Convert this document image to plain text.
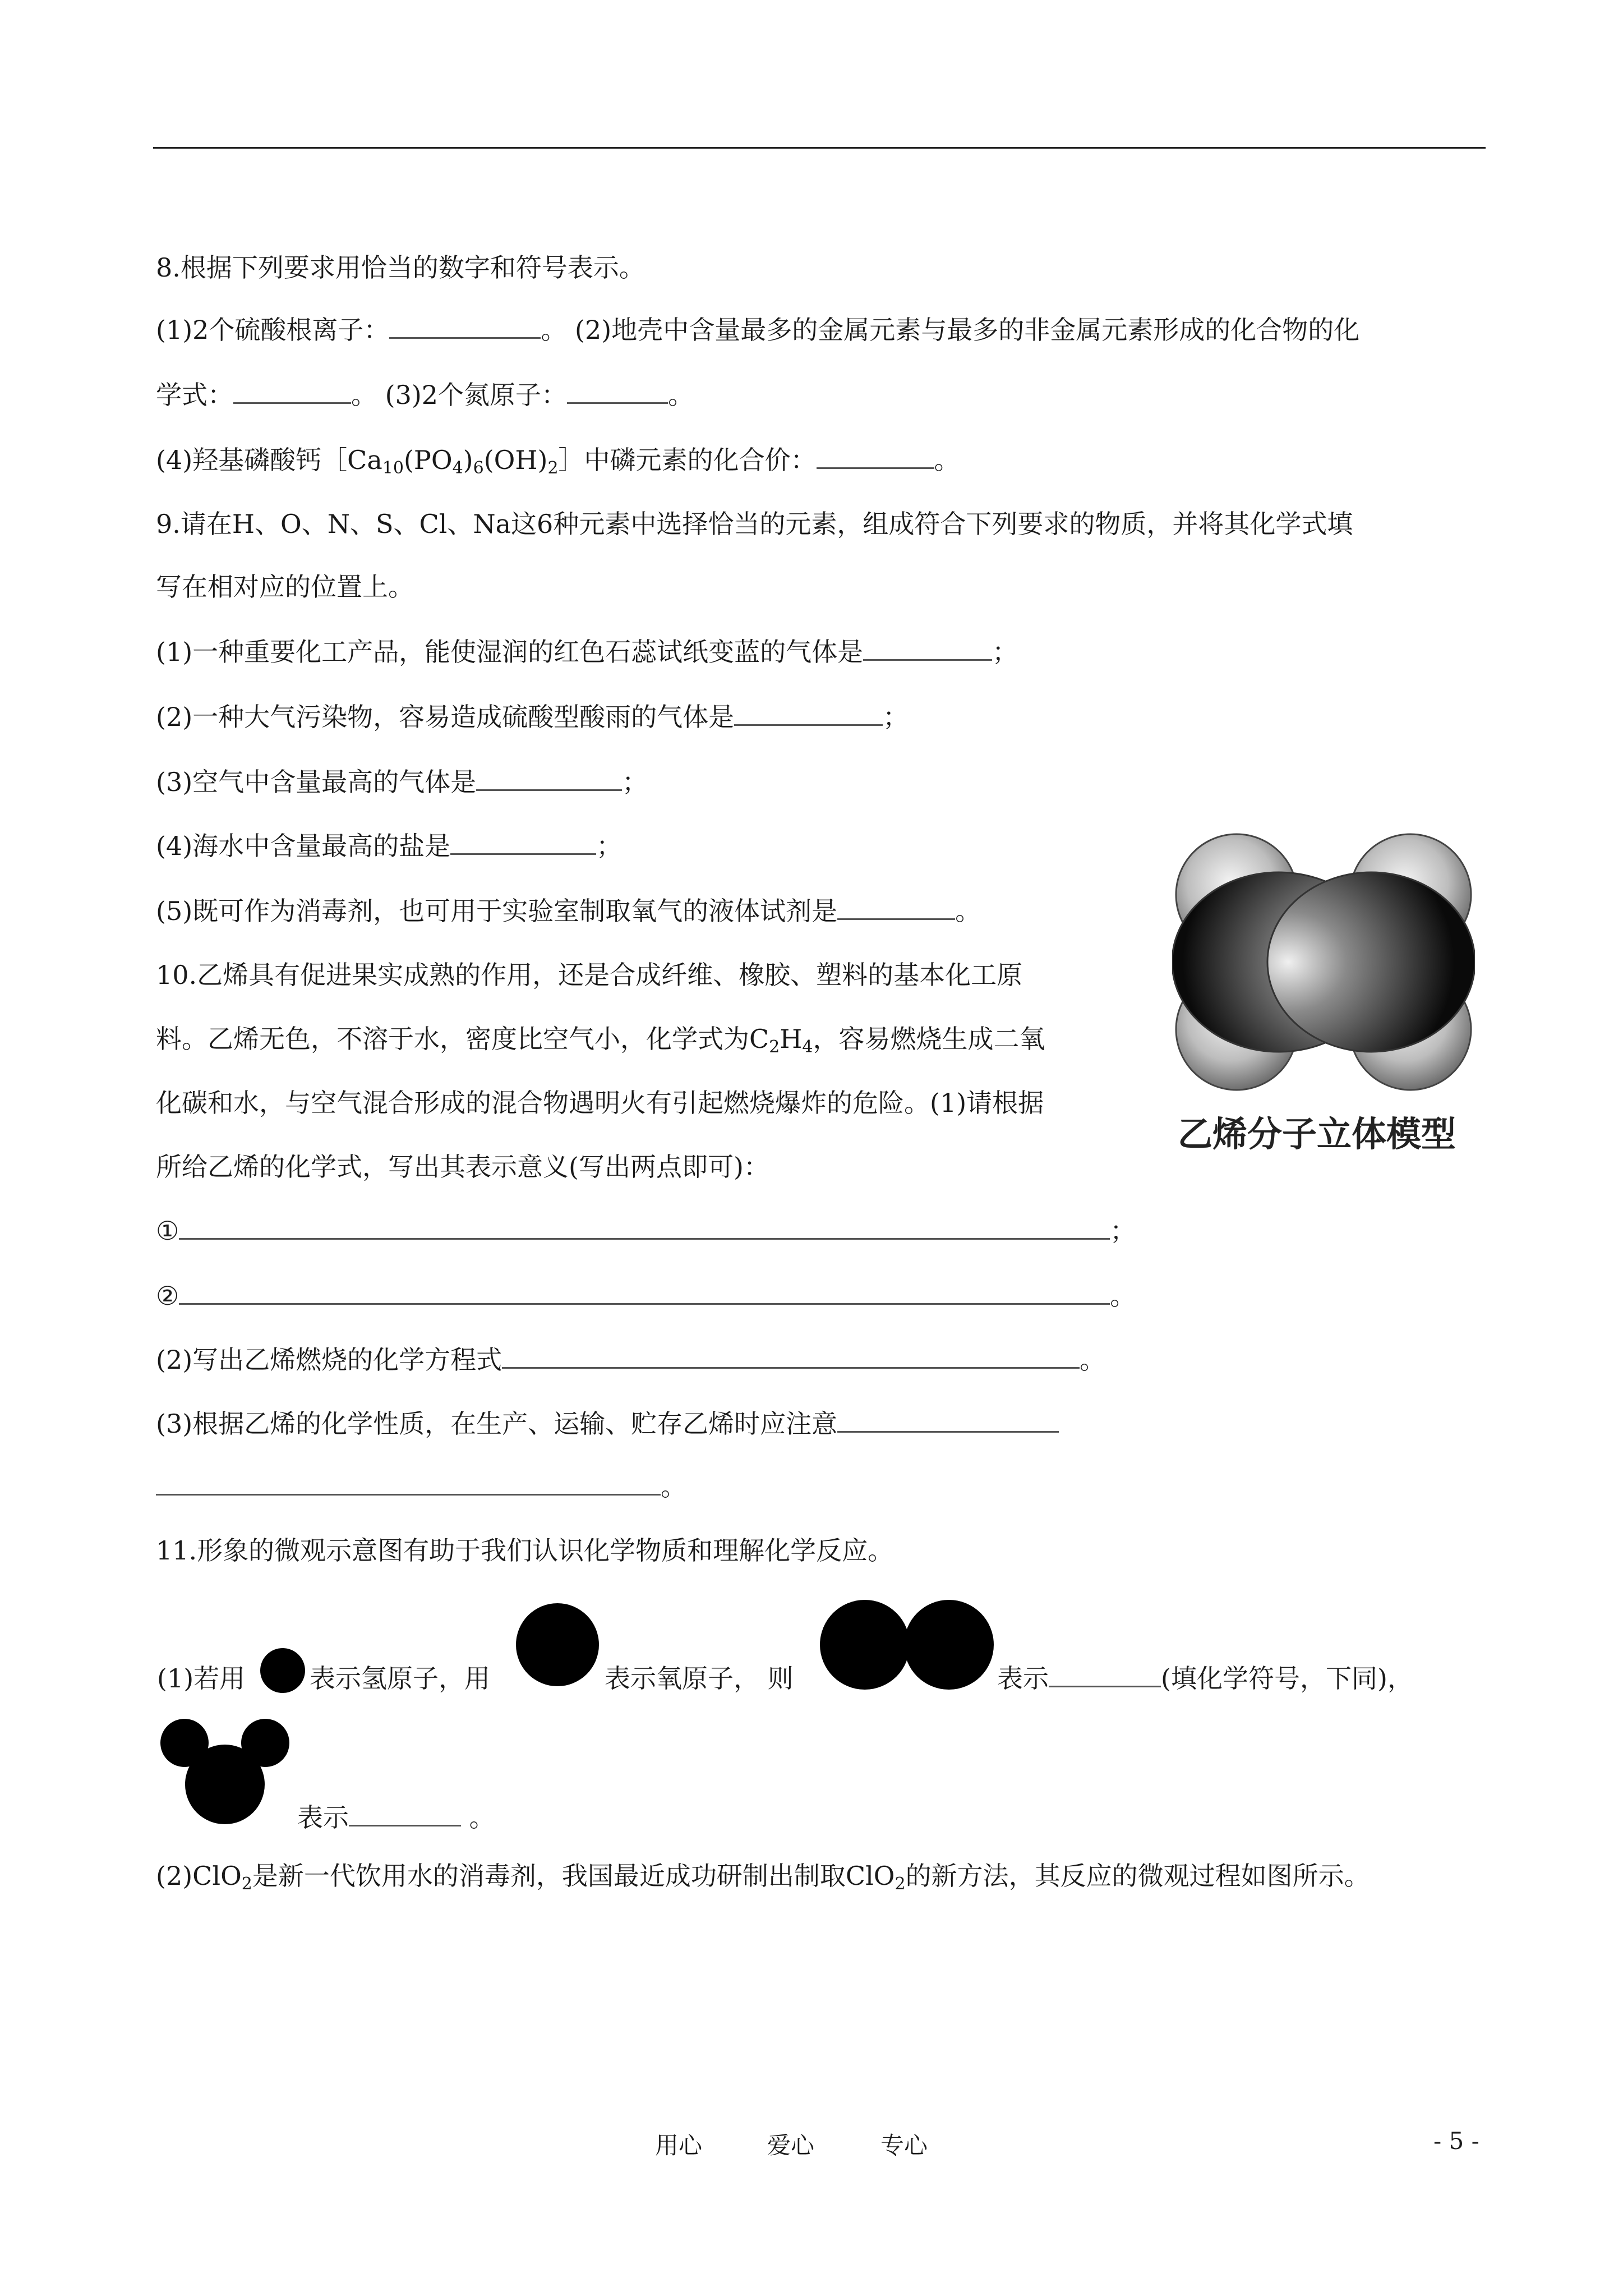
8.根据下列要求用恰当的数字和符号表示。
(1)2个硫酸根离子：	。 (2)地壳中含量最多的金属元素与最多的非金属元素形成的化合物的化
学式：	。 (3)2个氮原子：	。
(4)羟基磷酸钙$[Ca_{10}(PO_4)_6(OH)_2]$中磷元素的化合价：	。
9.请在H、O、N、S、Cl、Na这6种元素中选择恰当的元素，组成符合下列要求的物质，并将其化学式填
写在相对应的位置上。
(1)一种重要化工产品，能使湿润的红色石蕊试纸变蓝的气体是	；
(2)一种大气污染物，容易造成硫酸型酸雨的气体是	；
(3)空气中含量最高的气体是	；
(4)海水中含量最高的盐是	；
(5)既可作为消毒剂，也可用于实验室制取氧气的液体试剂是	。
10.乙烯具有促进果实成熟的作用，还是合成纤维、橡胶、塑料的基本化工原
料。乙烯无色，不溶于水，密度比空气小，化学式为$C_2H_4$，容易燃烧生成二氧
化碳和水，与空气混合形成的混合物遇明火有引起燃烧爆炸的危险。(1)请根据
所给乙烯的化学式，写出其表示意义(写出两点即可)：
①	；
②	。
(2)写出乙烯燃烧的化学方程式	。
(3)根据乙烯的化学性质，在生产、运输、贮存乙烯时应注意
。
乙烯分子立体模型
11.形象的微观示意图有助于我们认识化学物质和理解化学反应。
(1)若用 表示氢原子，用	表示氧原子， 则	表示	(填化学符号，下同)，
表示	。
(2)ClO$_2$是新一代饮用水的消毒剂，我国最近成功研制出制取ClO$_2$的新方法，其反应的微观过程如图所示。
用心	爱心	专心	- 5 -
